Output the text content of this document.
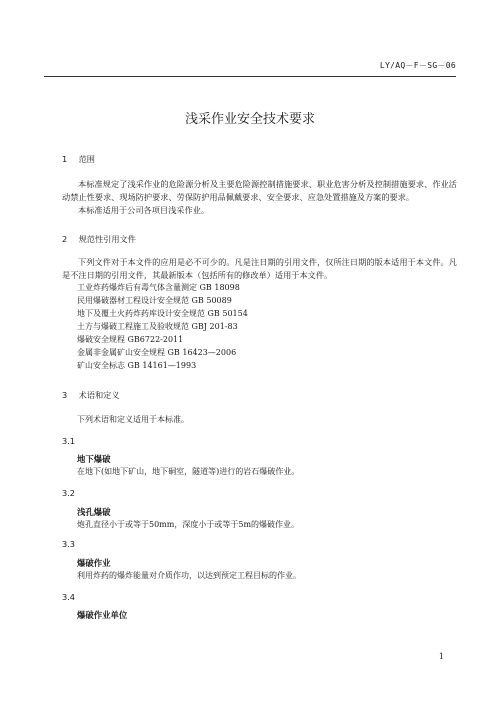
LY/AQ－F－SG－06
浅采作业安全技术要求
1 范围
本标准规定了浅采作业的危险源分析及主要危险源控制措施要求、职业危害分析及控制措施要求、作业活动禁止性要求、现场防护要求、劳保防护用品佩戴要求、安全要求、应急处置措施及方案的要求。
本标准适用于公司各项目浅采作业。
2 规范性引用文件
下列文件对于本文件的应用是必不可少的。凡是注日期的引用文件，仅所注日期的版本适用于本文件。凡是不注日期的引用文件，其最新版本（包括所有的修改单）适用于本文件。
工业炸药爆炸后有毒气体含量测定 GB 18098
民用爆破器材工程设计安全规范 GB 50089
地下及覆土火药炸药库设计安全规范 GB 50154
土方与爆破工程施工及验收规范 GBJ 201-83
爆破安全规程 GB6722-2011
金属非金属矿山安全规程 GB 16423—2006
矿山安全标志 GB 14161—1993
3 术语和定义
下列术语和定义适用于本标准。
3.1
地下爆破
在地下(如地下矿山，地下硐室，隧道等)进行的岩石爆破作业。
3.2
浅孔爆破
炮孔直径小于或等于50mm，深度小于或等于5m的爆破作业。
3.3
爆破作业
利用炸药的爆炸能量对介质作功，以达到预定工程目标的作业。
3.4
爆破作业单位
1
